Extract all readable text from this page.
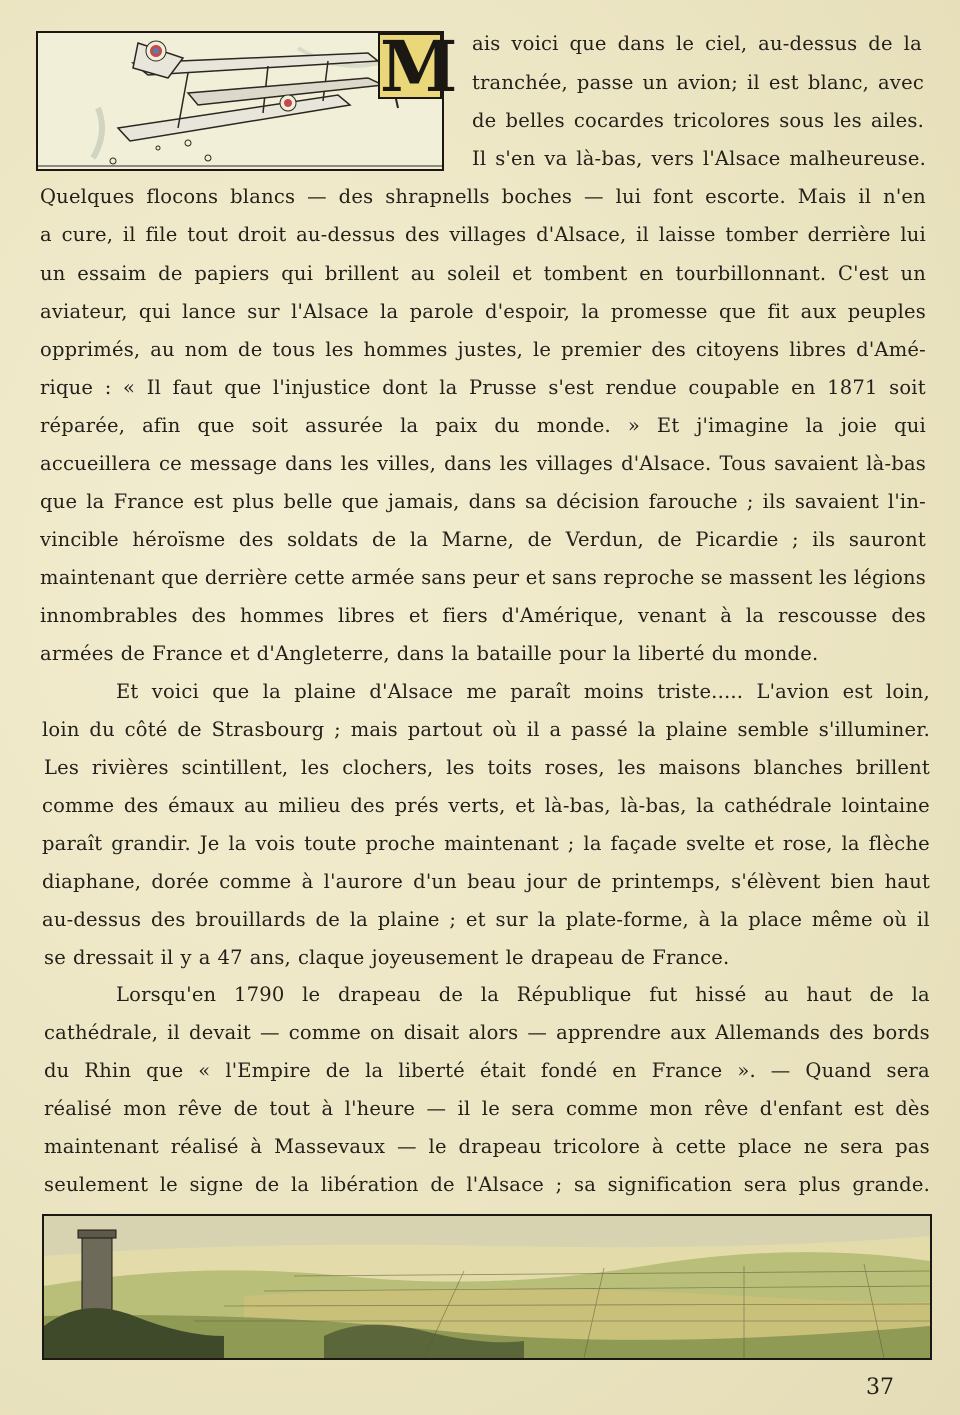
M ais voici que dans le ciel, au-dessus de la
tranchée, passe un avion; il est blanc, avec
de belles cocardes tricolores sous les ailes.
Il s'en va là-bas, vers l'Alsace malheureuse.
Quelques flocons blancs — des shrapnells boches — lui font escorte. Mais il n'en
a cure, il file tout droit au-dessus des villages d'Alsace, il laisse tomber derrière lui
un essaim de papiers qui brillent au soleil et tombent en tourbillonnant. C'est un
aviateur, qui lance sur l'Alsace la parole d'espoir, la promesse que fit aux peuples
opprimés, au nom de tous les hommes justes, le premier des citoyens libres d'Amé-
rique : « Il faut que l'injustice dont la Prusse s'est rendue coupable en 1871 soit
réparée, afin que soit assurée la paix du monde. » Et j'imagine la joie qui
accueillera ce message dans les villes, dans les villages d'Alsace. Tous savaient là-bas
que la France est plus belle que jamais, dans sa décision farouche ; ils savaient l'in-
vincible héroïsme des soldats de la Marne, de Verdun, de Picardie ; ils sauront
maintenant que derrière cette armée sans peur et sans reproche se massent les légions
innombrables des hommes libres et fiers d'Amérique, venant à la rescousse des
armées de France et d'Angleterre, dans la bataille pour la liberté du monde.
Et voici que la plaine d'Alsace me paraît moins triste..... L'avion est loin,
loin du côté de Strasbourg ; mais partout où il a passé la plaine semble s'illuminer.
Les rivières scintillent, les clochers, les toits roses, les maisons blanches brillent
comme des émaux au milieu des prés verts, et là-bas, là-bas, la cathédrale lointaine
paraît grandir. Je la vois toute proche maintenant ; la façade svelte et rose, la flèche
diaphane, dorée comme à l'aurore d'un beau jour de printemps, s'élèvent bien haut
au-dessus des brouillards de la plaine ; et sur la plate-forme, à la place même où il
se dressait il y a 47 ans, claque joyeusement le drapeau de France.
Lorsqu'en 1790 le drapeau de la République fut hissé au haut de la
cathédrale, il devait — comme on disait alors — apprendre aux Allemands des bords
du Rhin que « l'Empire de la liberté était fondé en France ». — Quand sera
réalisé mon rêve de tout à l'heure — il le sera comme mon rêve d'enfant est dès
maintenant réalisé à Massevaux — le drapeau tricolore à cette place ne sera pas
seulement le signe de la libération de l'Alsace ; sa signification sera plus grande.
37
